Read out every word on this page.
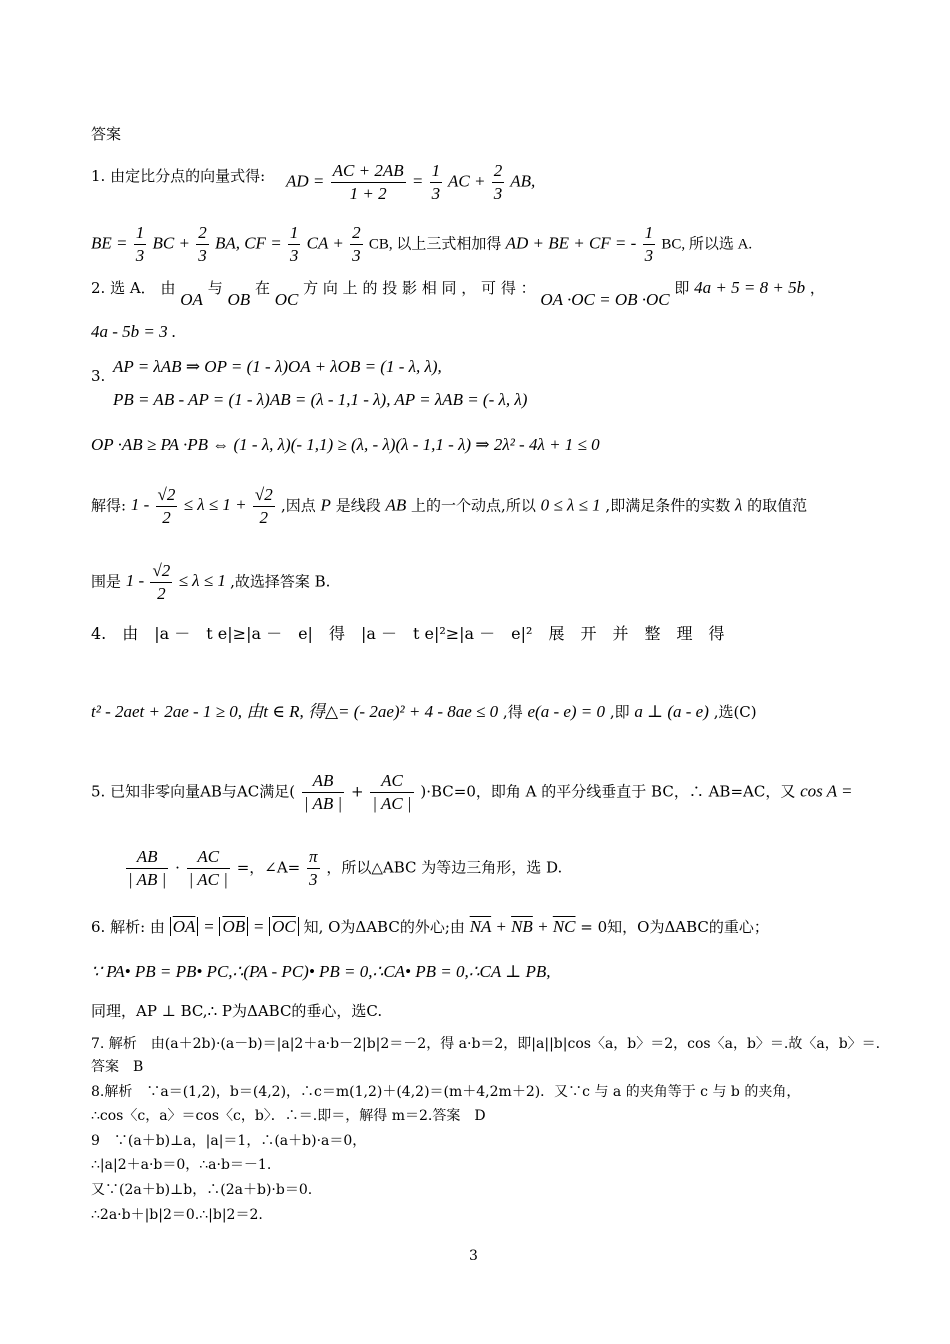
答案
1. 由定比分点的向量式得: AD = $\frac{AC + 2AB}{1 + 2} = \frac{1}{3}$ AC + $\frac{2}{3}$ AB,
BE = $\frac{1}{3}$ BC + $\frac{2}{3}$ BA, CF = $\frac{1}{3}$ CA + $\frac{2}{3}$ CB, 以上三式相加得 AD + BE + CF = - $\frac{1}{3}$ BC, 所以选 A.
2. 选 A． 由 OA 与 OB 在 OC 方 向 上 的 投 影 相 同 ， 可 得 ： OA ·OC = OB ·OC 即 4a + 5 = 8 + 5b ，
4a - 5b = 3 .
3. AP = λAB ⇒ OP = (1 - λ)OA + λOB = (1 - λ, λ),
PB = AB - AP = (1 - λ)AB = (λ - 1,1 - λ), AP = λAB = (- λ, λ)
OP ·AB ≥ PA ·PB ⇔ (1 - λ, λ)(- 1,1) ≥ (λ, - λ)(λ - 1,1 - λ) ⇒ 2λ² - 4λ + 1 ≤ 0
解得: $1 - \frac{√2}{2} \le \lambda \le 1 + \frac{√2}{2}$ ,因点 P 是线段 AB 上的一个动点,所以 0 ≤ λ ≤ 1 ,即满足条件的实数 λ 的取值范
围是 $1 - \frac{√2}{2} \le \lambda \le 1$ ,故选择答案 B.
4.　由　|a －　t e|≥|a －　e|　得　|a －　t e|²≥|a －　e|²　展　开　并　整　理　得
t² - 2aet + 2ae - 1 ≥ 0, 由t ∈ R, 得△= (- 2ae)² + 4 - 8ae ≤ 0 ,得 e(a - e) = 0 ,即 a ⊥ (a - e) ,选(C)
5. 已知非零向量AB与AC满足( $\frac{AB}{| AB |} + \frac{AC}{| AC |} )\cdot BC=0$，即角 A 的平分线垂直于 BC，∴ AB=AC，又 cos A =
$\frac{AB}{| AB |} \cdot \frac{AC}{| AC |}$ =，∠A= $\frac{\pi}{3}$ ，所以△ABC 为等边三角形，选 D.
6. 解析: 由 $\overline{OA} = \overline{OB} = \overline{OC}$ 知, O为ΔABC的外心;由 $\overline{NA} + \overline{NB} + \overline{NC} = 0$知，O为ΔABC的重心；
∵ PA• PB = PB• PC,∴(PA - PC)• PB = 0,∴CA• PB = 0,∴CA ⊥ PB,
同理，AP ⊥ BC,∴ P为ΔABC的垂心，选C.
7. 解析　由(a＋2b)·(a－b)＝|a|2＋a·b－2|b|2＝－2，得 a·b＝2，即|a||b|cos〈a，b〉＝2，cos〈a，b〉＝.故〈a，b〉＝.
答案　B
8.解析　∵a＝(1,2)，b＝(4,2)，∴c＝m(1,2)＋(4,2)＝(m＋4,2m＋2)．又∵c 与 a 的夹角等于 c 与 b 的夹角，
∴cos〈c，a〉＝cos〈c，b〉．∴＝.即＝，解得 m＝2.答案　D
9　∵(a＋b)⊥a，|a|＝1，∴(a＋b)·a＝0，
∴|a|2＋a·b＝0，∴a·b＝－1.
又∵(2a＋b)⊥b，∴(2a＋b)·b＝0.
∴2a·b＋|b|2＝0.∴|b|2＝2.
3
